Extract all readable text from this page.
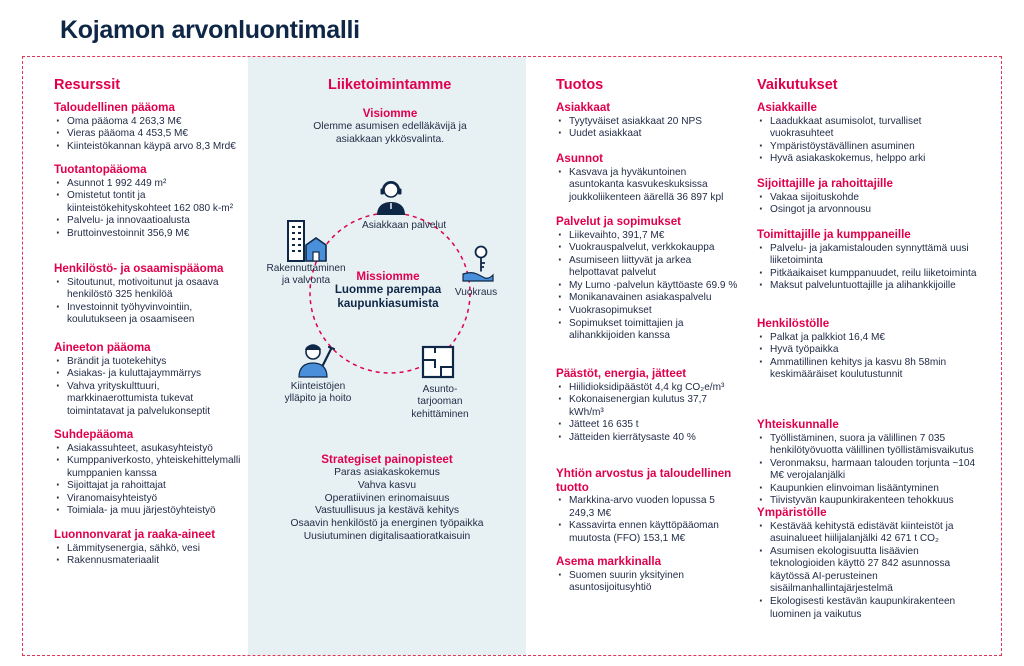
Kojamon arvonluontimalli
Resurssit
Taloudellinen pääoma
· Oma pääoma 4 263,3 M€
· Vieras pääoma 4 453,5 M€
· Kiinteistökannan käypä arvo 8,3 Mrd€
Tuotantopääoma
· Asunnot 1 992 449 m²
· Omistetut tontit ja kiinteistökehityskohteet 162 080 k-m²
· Palvelu- ja innovaatioalusta
· Bruttoinvestoinnit 356,9 M€
Henkilöstö- ja osaamispääoma
· Sitoutunut, motivoitunut ja osaava henkilöstö 325 henkilöä
· Investoinnit työhyvinvointiin, koulutukseen ja osaamiseen
Aineeton pääoma
· Brändit ja tuotekehitys
· Asiakas- ja kuluttajaymmärrys
· Vahva yrityskulttuuri, markkinaerottumista tukevat toimintatavat ja palvelukonseptit
Suhdepääoma
· Asiakassuhteet, asukasyhteistyö
· Kumppaniverkosto, yhteiskehittelymalli kumppanien kanssa
· Sijoittajat ja rahoittajat
· Viranomaisyhteistyö
· Toimiala- ja muu järjestöyhteistyö
Luonnonvarat ja raaka-aineet
· Lämmitysenergia, sähkö, vesi
· Rakennusmateriaalit
Liiketoimintamme
Visiomme
Olemme asumisen edelläkävijä ja asiakkaan ykkösvalinta.
Asiakkaan palvelut
Vuokraus
Asunto-
tarjooman
kehittäminen
Kiinteistöjen
ylläpito ja hoito
Rakennuttaminen
ja valvonta	Missiomme
Luomme parempaa kaupunkiasumista
Strategiset painopisteet
Paras asiakaskokemus
Vahva kasvu
Operatiivinen erinomaisuus
Vastuullisuus ja kestävä kehitys
Osaavin henkilöstö ja energinen työpaikka
Uusiutuminen digitalisaatioratkaisuin
Tuotos
Asiakkaat
· Tyytyväiset asiakkaat 20 NPS
· Uudet asiakkaat
Asunnot
· Kasvava ja hyväkuntoinen asuntokanta kasvukeskuksissa joukkoliikenteen äärellä 36 897 kpl
Palvelut ja sopimukset
· Liikevaihto, 391,7 M€
· Vuokrauspalvelut, verkkokauppa
· Asumiseen liittyvät ja arkea helpottavat palvelut
· My Lumo -palvelun käyttöaste 69.9 %
· Monikanavainen asiakaspalvelu
· Vuokrasopimukset
· Sopimukset toimittajien ja alihankkijoiden kanssa
Päästöt, energia, jätteet
· Hiilidioksidipäästöt 4,4 kg CO₂e/m³
· Kokonaisenergian kulutus 37,7 kWh/m³
· Jätteet 16 635 t
· Jätteiden kierrätysaste 40 %
Yhtiön arvostus ja taloudellinen tuotto
· Markkina-arvo vuoden lopussa 5 249,3 M€
· Kassavirta ennen käyttöpääoman muutosta (FFO) 153,1 M€
Asema markkinalla
· Suomen suurin yksityinen asuntosijoitusyhtiö
Vaikutukset
Asiakkaille
· Laadukkaat asumisolot, turvalliset vuokrasuhteet
· Ympäristöystävällinen asuminen
· Hyvä asiakaskokemus, helppo arki
Sijoittajille ja rahoittajille
· Vakaa sijoituskohde
· Osingot ja arvonnousu
Toimittajille ja kumppaneille
· Palvelu- ja jakamistalouden synnyttämä uusi liiketoiminta
· Pitkäaikaiset kumppanuudet, reilu liiketoiminta
· Maksut palveluntuottajille ja alihankkijoille
Henkilöstölle
· Palkat ja palkkiot 16,4 M€
· Hyvä työpaikka
· Ammatillinen kehitys ja kasvu 8h 58min keskimääräiset koulutustunnit
Yhteiskunnalle
· Työllistäminen, suora ja välillinen 7 035 henkilötyövuotta välillinen työllistämisvaikutus
· Veronmaksu, harmaan talouden torjunta ~104 M€ verojalanjälki
· Kaupunkien elinvoiman lisääntyminen
· Tiivistyvän kaupunkirakenteen tehokkuus
Ympäristölle
· Kestävää kehitystä edistävät kiinteistöt ja asuinalueet hiilijalanjälki 42 671 t CO₂
· Asumisen ekologisuutta lisäävien teknologioiden käyttö 27 842 asunnossa käytössä AI-perusteinen sisäilmanhallintajärjestelmä
· Ekologisesti kestävän kaupunkirakenteen luominen ja vaikutus
